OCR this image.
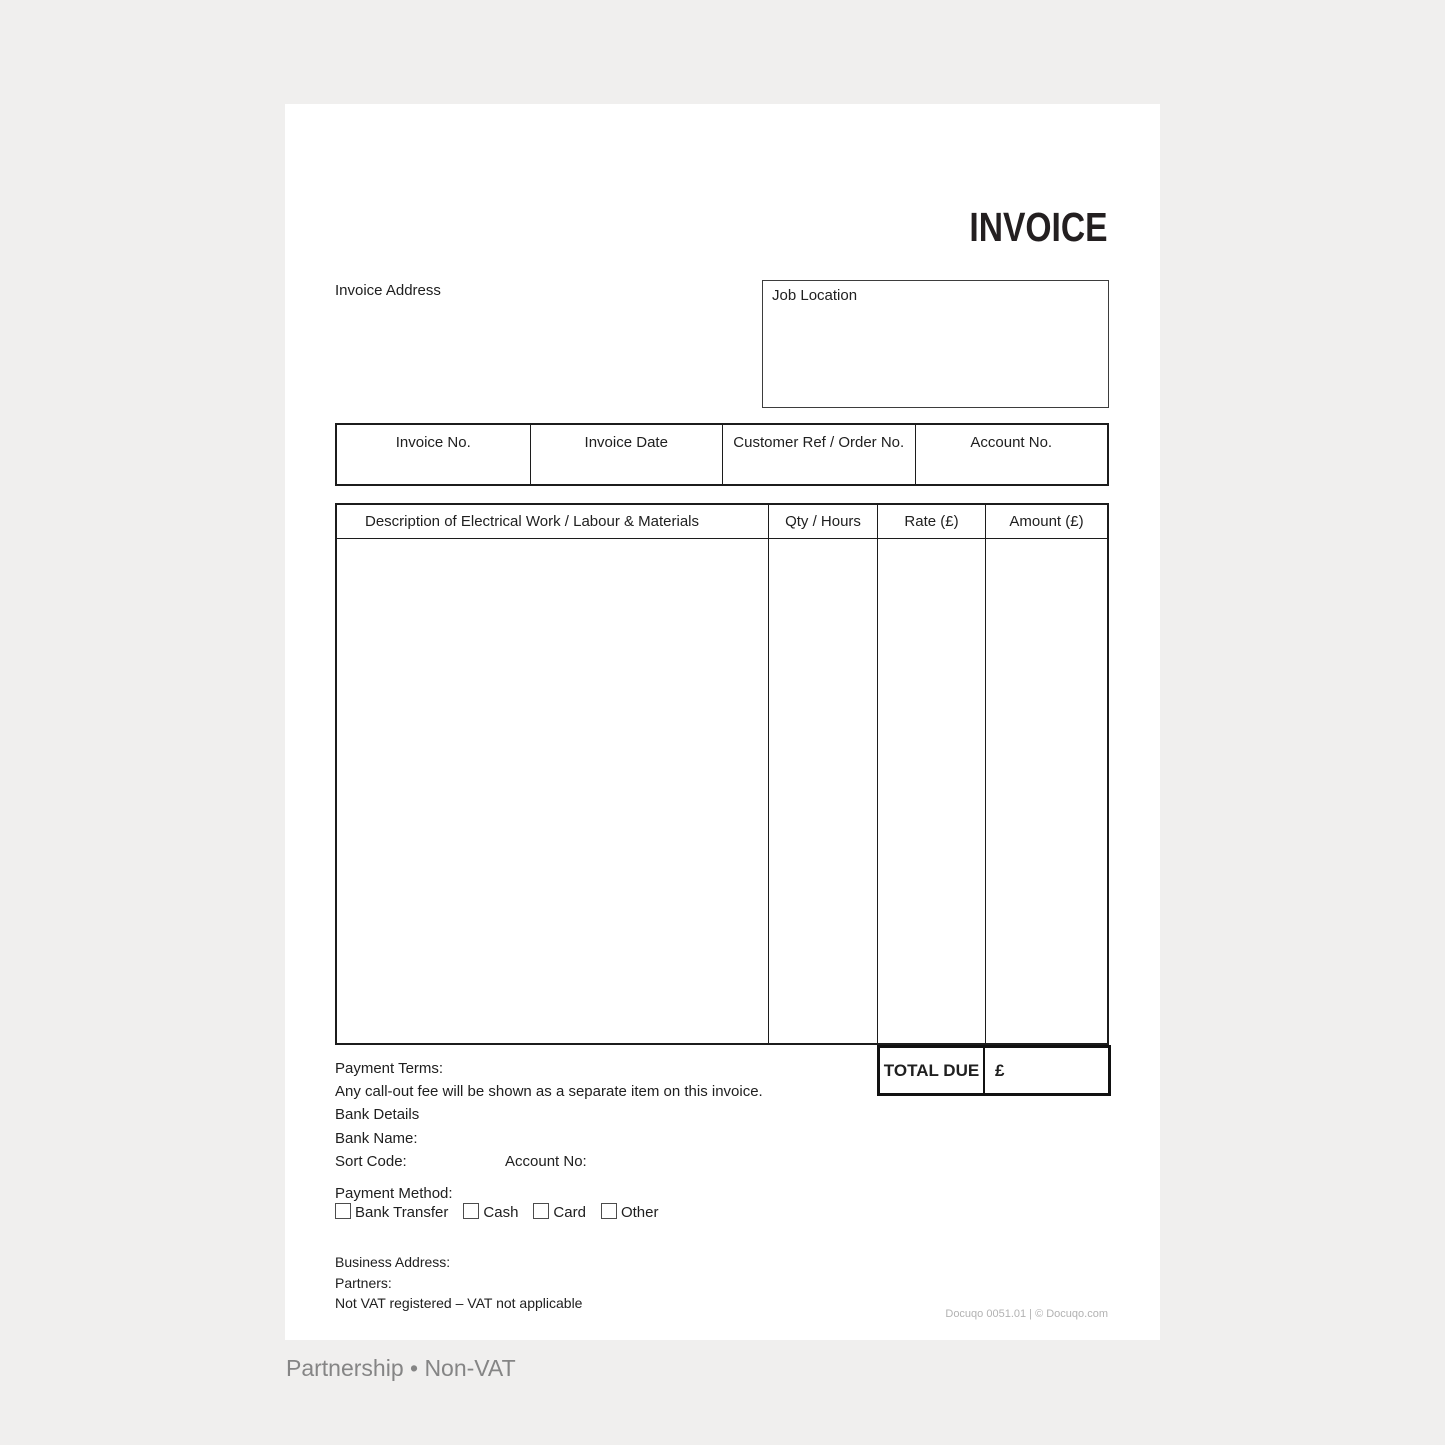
INVOICE
Invoice Address	Job Location
Invoice No.	Invoice Date	Customer Ref / Order No.	Account No.
Description of Electrical Work / Labour & Materials	Qty / Hours	Rate (£)	Amount (£)
TOTAL DUE £
Payment Terms:
Any call-out fee will be shown as a separate item on this invoice.
Bank Details
Bank Name:
Sort Code:	Account No:
Payment Method:
Bank Transfer Cash Card Other
Business Address:
Partners:
Not VAT registered – VAT not applicable
Docuqo 0051.01 | © Docuqo.com
Partnership • Non-VAT
